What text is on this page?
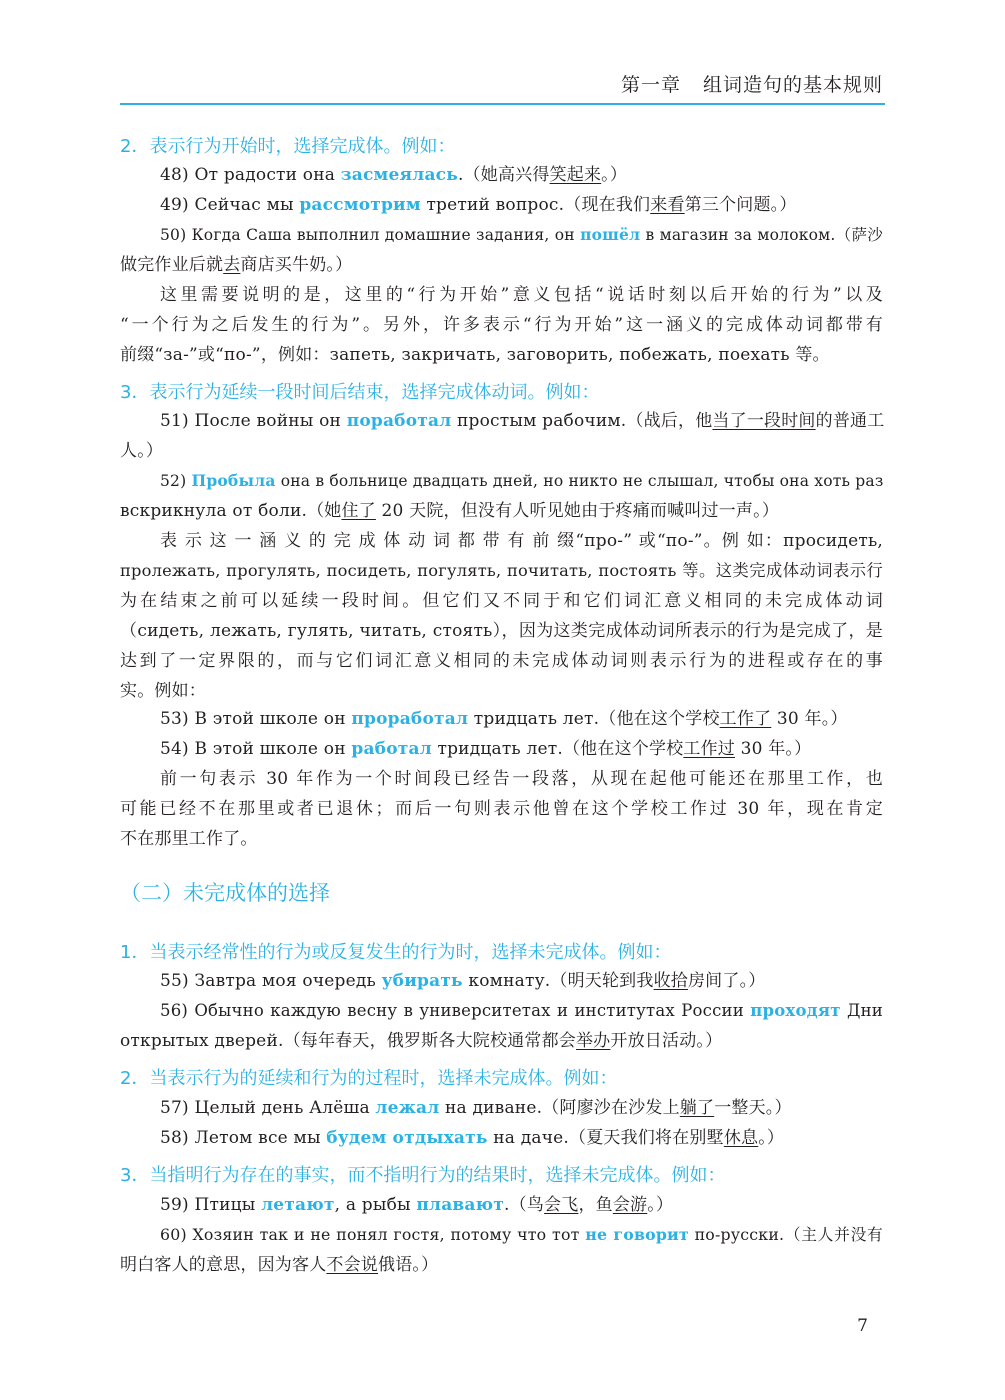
第一章 组词造句的基本规则
2．表示行为开始时，选择完成体。例如：
48) От радости она засмеялась.（她高兴得笑起来。）
49) Сейчас мы рассмотрим третий вопрос.（现在我们来看第三个问题。）
50) Когда Саша выполнил домашние задания, он пошёл в магазин за молоком.（萨沙
做完作业后就去商店买牛奶。）
这里需要说明的是，这里的“行为开始”意义包括“说话时刻以后开始的行为”以及
“一个行为之后发生的行为”。另外，许多表示“行为开始”这一涵义的完成体动词都带有
前缀“за-”或“по-”，例如：запеть, закричать, заговорить, побежать, поехать 等。
3．表示行为延续一段时间后结束，选择完成体动词。例如：
51) После войны он поработал простым рабочим.（战后，他当了一段时间的普通工
人。）
52) Пробыла она в больнице двадцать дней, но никто не слышал, чтобы она хоть раз
вскрикнула от боли.（她住了 20 天院，但没有人听见她由于疼痛而喊叫过一声。）
表 示 这 一 涵 义 的 完 成 体 动 词 都 带 有 前 缀“про-” 或“по-”。例 如：просидеть,
пролежать, прогулять, посидеть, погулять, почитать, постоять 等。这类完成体动词表示行
为在结束之前可以延续一段时间。但它们又不同于和它们词汇意义相同的未完成体动词
（сидеть, лежать, гулять, читать, стоять），因为这类完成体动词所表示的行为是完成了，是
达到了一定界限的，而与它们词汇意义相同的未完成体动词则表示行为的进程或存在的事
实。例如：
53) В этой школе он проработал тридцать лет.（他在这个学校工作了 30 年。）
54) В этой школе он работал тридцать лет.（他在这个学校工作过 30 年。）
前一句表示 30 年作为一个时间段已经告一段落，从现在起他可能还在那里工作，也
可能已经不在那里或者已退休；而后一句则表示他曾在这个学校工作过 30 年，现在肯定
不在那里工作了。
（二）未完成体的选择
1．当表示经常性的行为或反复发生的行为时，选择未完成体。例如：
55) Завтра моя очередь убирать комнату.（明天轮到我收拾房间了。）
56) Обычно каждую весну в университетах и институтах России проходят Дни
открытых дверей.（每年春天，俄罗斯各大院校通常都会举办开放日活动。）
2．当表示行为的延续和行为的过程时，选择未完成体。例如：
57) Целый день Алёша лежал на диване.（阿廖沙在沙发上躺了一整天。）
58) Летом все мы будем отдыхать на даче.（夏天我们将在别墅休息。）
3．当指明行为存在的事实，而不指明行为的结果时，选择未完成体。例如：
59) Птицы летают, а рыбы плавают.（鸟会飞，鱼会游。）
60) Хозяин так и не понял гостя, потому что тот не говорит по-русски.（主人并没有
明白客人的意思，因为客人不会说俄语。）
7
